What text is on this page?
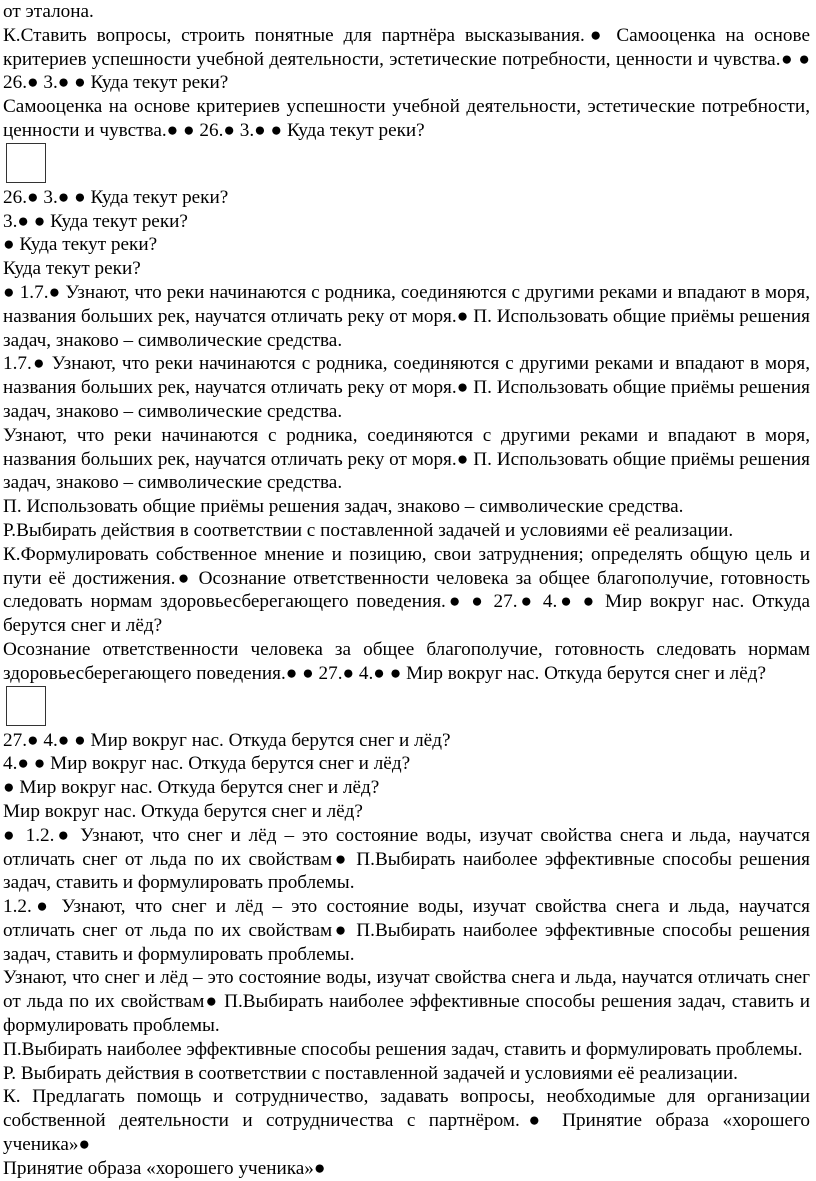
от эталона.

К.Ставить вопросы, строить понятные для партнёра высказывания.● Самооценка на основе критериев успешности учебной деятельности, эстетические потребности, ценности и чувства.● ● 26.● 3.● ● Куда текут реки?

Самооценка на основе критериев успешности учебной деятельности, эстетические потребности, ценности и чувства.● ● 26.● 3.● ● Куда текут реки?

26.● 3.● ● Куда текут реки?

3.● ● Куда текут реки?

● Куда текут реки?

Куда текут реки?

● 1.7.● Узнают, что реки начинаются с родника, соединяются с другими реками и впадают в моря, названия больших рек, научатся отличать реку от моря.● П. Использовать общие приёмы решения задач, знаково – символические средства.

1.7.● Узнают, что реки начинаются с родника, соединяются с другими реками и впадают в моря, названия больших рек, научатся отличать реку от моря.● П. Использовать общие приёмы решения задач, знаково – символические средства.

Узнают, что реки начинаются с родника, соединяются с другими реками и впадают в моря, названия больших рек, научатся отличать реку от моря.● П. Использовать общие приёмы решения задач, знаково – символические средства.

П. Использовать общие приёмы решения задач, знаково – символические средства.

Р.Выбирать действия в соответствии с поставленной задачей и условиями её реализации.

К.Формулировать собственное мнение и позицию, свои затруднения; определять общую цель и пути её достижения.● Осознание ответственности человека за общее благополучие, готовность следовать нормам здоровьесберегающего поведения.● ● 27.● 4.● ● Мир вокруг нас. Откуда берутся снег и лёд?

Осознание ответственности человека за общее благополучие, готовность следовать нормам здоровьесберегающего поведения.● ● 27.● 4.● ● Мир вокруг нас. Откуда берутся снег и лёд?

27.● 4.● ● Мир вокруг нас. Откуда берутся снег и лёд?

4.● ● Мир вокруг нас. Откуда берутся снег и лёд?

● Мир вокруг нас. Откуда берутся снег и лёд?

Мир вокруг нас. Откуда берутся снег и лёд?

● 1.2.● Узнают, что снег и лёд – это состояние воды, изучат свойства снега и льда, научатся отличать снег от льда по их свойствам● П.Выбирать наиболее эффективные способы решения задач, ставить и формулировать проблемы.

1.2.● Узнают, что снег и лёд – это состояние воды, изучат свойства снега и льда, научатся отличать снег от льда по их свойствам● П.Выбирать наиболее эффективные способы решения задач, ставить и формулировать проблемы.

Узнают, что снег и лёд – это состояние воды, изучат свойства снега и льда, научатся отличать снег от льда по их свойствам● П.Выбирать наиболее эффективные способы решения задач, ставить и формулировать проблемы.

П.Выбирать наиболее эффективные способы решения задач, ставить и формулировать проблемы.

Р. Выбирать действия в соответствии с поставленной задачей и условиями её реализации.

К. Предлагать помощь и сотрудничество, задавать вопросы, необходимые для организации собственной деятельности и сотрудничества с партнёром.● Принятие образа «хорошего ученика»●

Принятие образа «хорошего ученика»●
